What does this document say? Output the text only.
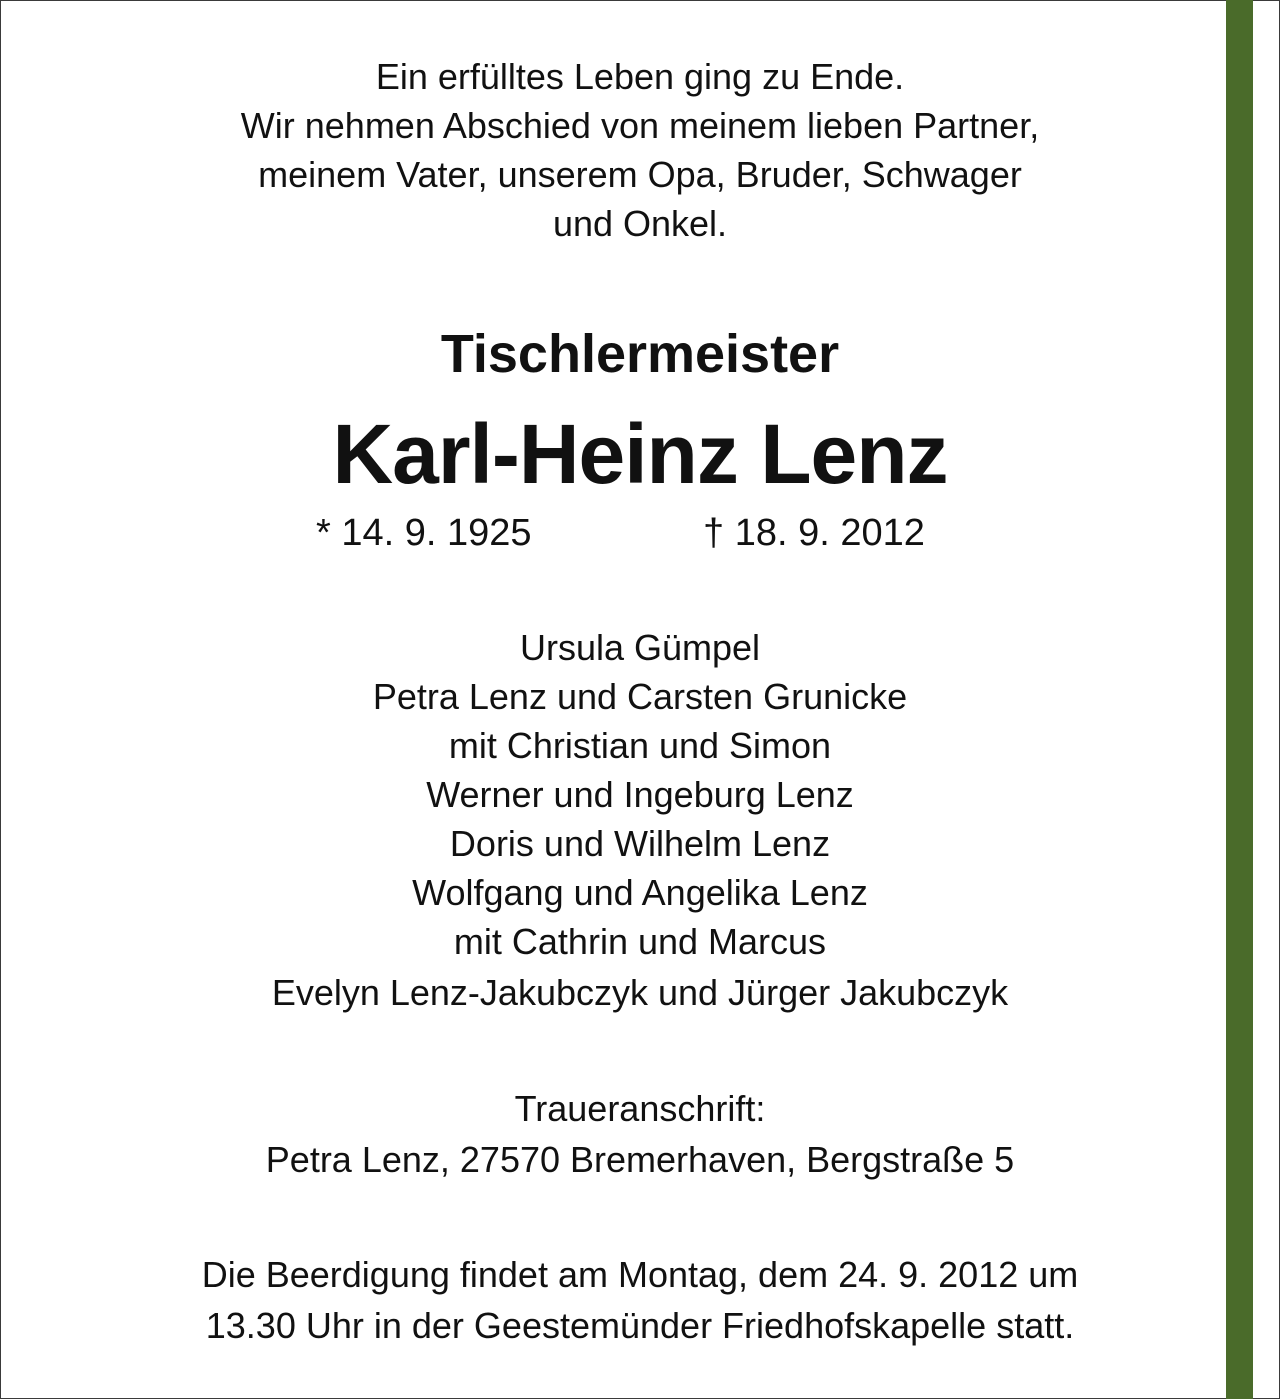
Ein erfülltes Leben ging zu Ende.
Wir nehmen Abschied von meinem lieben Partner,
meinem Vater, unserem Opa, Bruder, Schwager
und Onkel.
Tischlermeister
Karl-Heinz Lenz
* 14. 9. 1925	† 18. 9. 2012
Ursula Gümpel
Petra Lenz und Carsten Grunicke
mit Christian und Simon
Werner und Ingeburg Lenz
Doris und Wilhelm Lenz
Wolfgang und Angelika Lenz
mit Cathrin und Marcus
Evelyn Lenz-Jakubczyk und Jürger Jakubczyk
Traueranschrift:
Petra Lenz, 27570 Bremerhaven, Bergstraße 5
Die Beerdigung findet am Montag, dem 24. 9. 2012 um
13.30 Uhr in der Geestemünder Friedhofskapelle statt.
